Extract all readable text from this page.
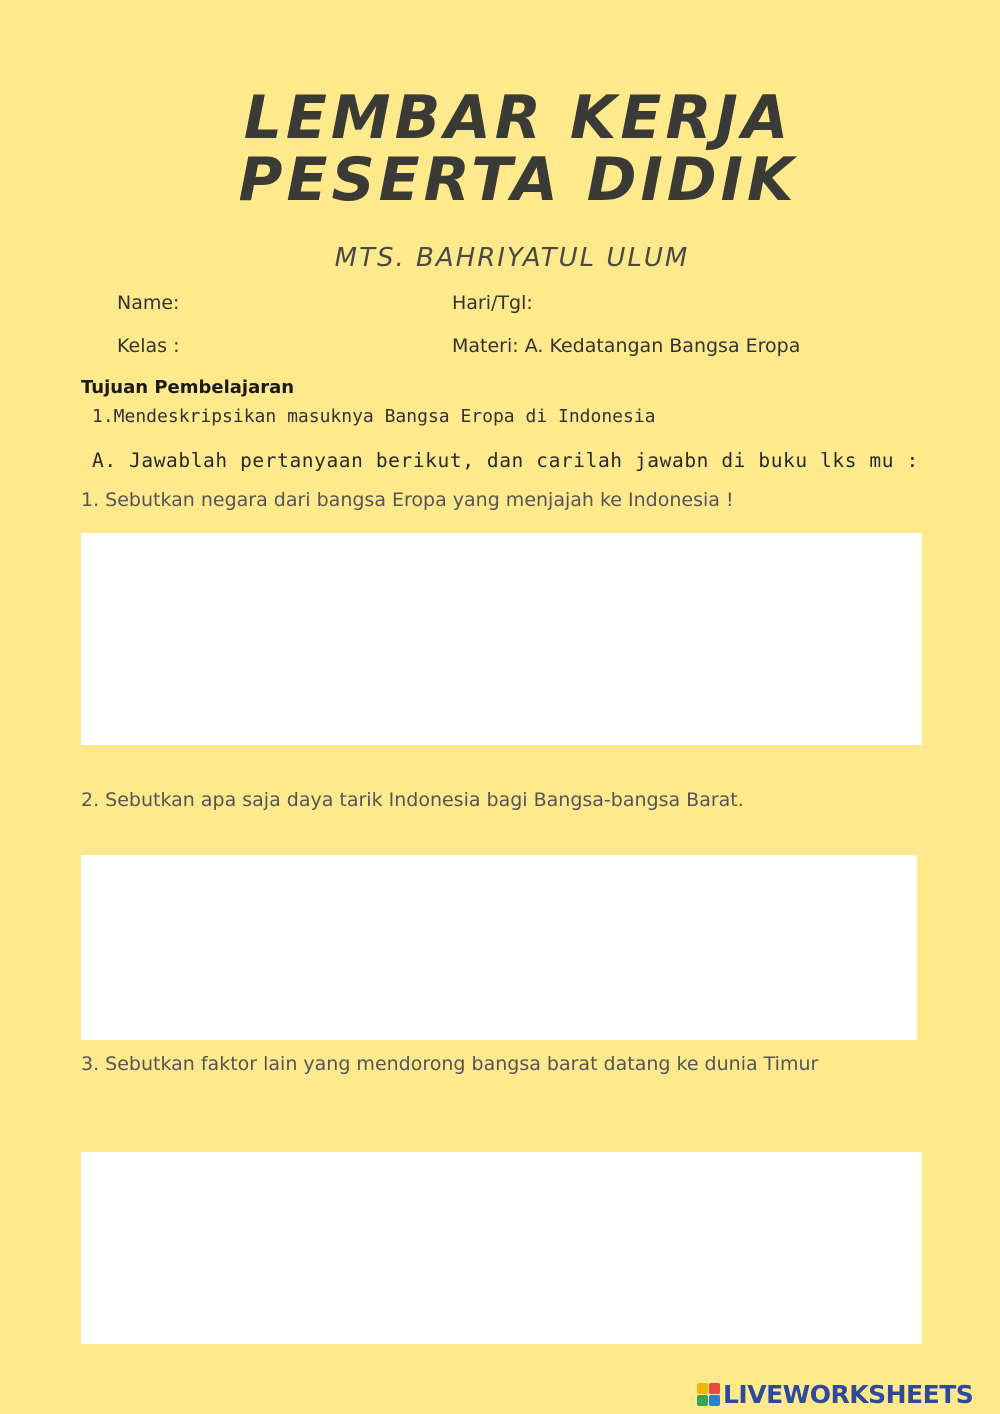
LEMBAR KERJA
PESERTA DIDIK
MTS. BAHRIYATUL ULUM
Name:	Hari/Tgl:
Kelas :	Materi: A. Kedatangan Bangsa Eropa
Tujuan Pembelajaran
1.Mendeskripsikan masuknya Bangsa Eropa di Indonesia
A. Jawablah pertanyaan berikut, dan carilah jawabn di buku lks mu :
1. Sebutkan negara dari bangsa Eropa yang menjajah ke Indonesia !
2. Sebutkan apa saja daya tarik Indonesia bagi Bangsa-bangsa Barat.
3. Sebutkan faktor lain yang mendorong bangsa barat datang ke dunia Timur
LIVEWORKSHEETS
